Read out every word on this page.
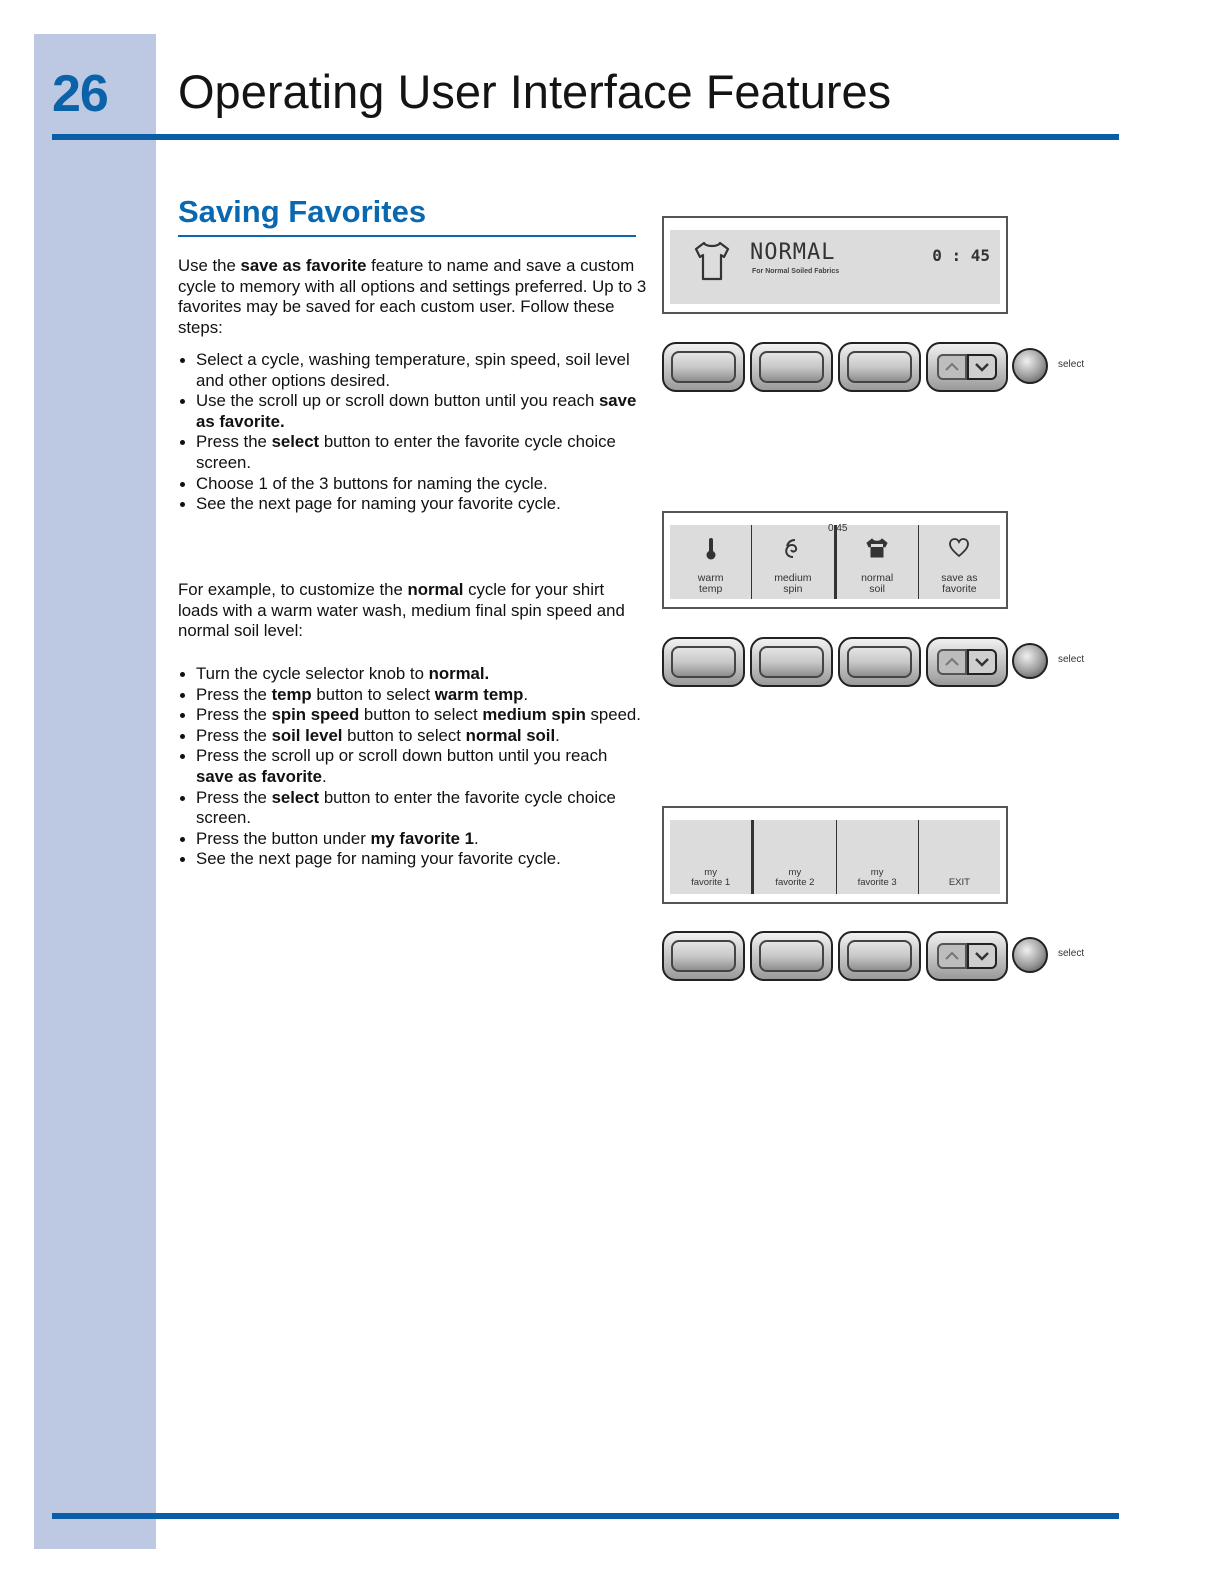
26 Operating User Interface Features
Saving Favorites

Use the save as favorite feature to name and save a custom cycle to memory with all options and settings preferred. Up to 3 favorites may be saved for each custom user. Follow these steps:

Select a cycle, washing temperature, spin speed, soil level and other options desired.
Use the scroll up or scroll down button until you reach save as favorite.
Press the select button to enter the favorite cycle choice screen.
Choose 1 of the 3 buttons for naming the cycle.
See the next page for naming your favorite cycle.

For example, to customize the normal cycle for your shirt loads with a warm water wash, medium final spin speed and normal soil level:

Turn the cycle selector knob to normal.
Press the temp button to select warm temp.
Press the spin speed button to select medium spin speed.
Press the soil level button to select normal soil.
Press the scroll up or scroll down button until you reach save as favorite.
Press the select button to enter the favorite cycle choice screen.
Press the button under my favorite 1.
See the next page for naming your favorite cycle.
NORMAL
For Normal Soiled Fabrics
0 : 45
select
warm
temp
medium
spin
normal
soil
save as
favorite
0:45
select
my
favorite 1
my
favorite 2
my
favorite 3	EXIT
select
